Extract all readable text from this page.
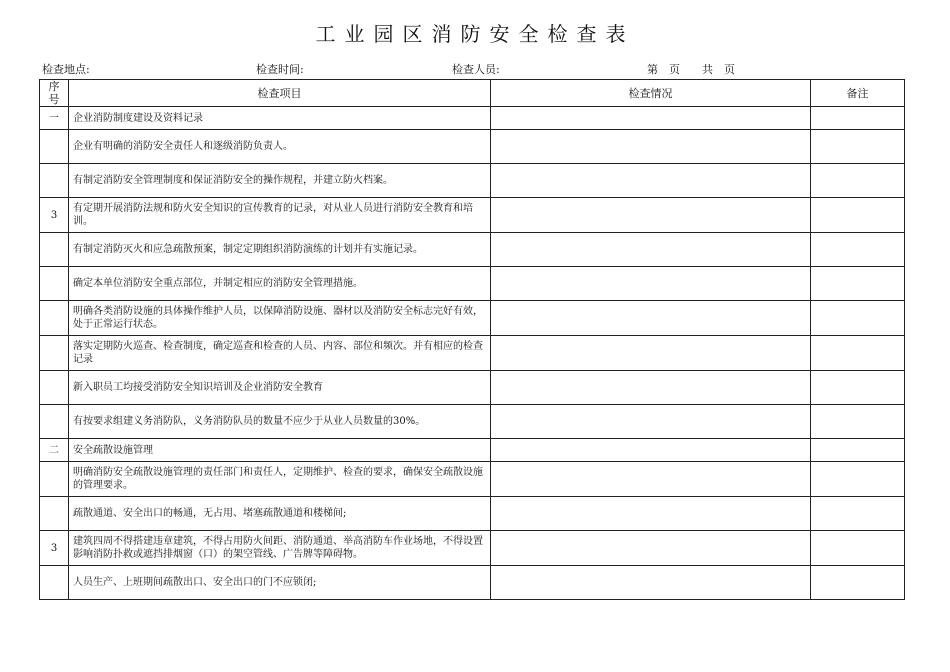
工业园区消防安全检查表
检查地点:	检查时间:	检查人员:	第　页　　共　页
序号	检查项目	检查情况	备注
一	企业消防制度建设及资料记录		
	企业有明确的消防安全责任人和逐级消防负责人。		
	有制定消防安全管理制度和保证消防安全的操作规程，并建立防火档案。		
3	有定期开展消防法规和防火安全知识的宣传教育的记录，对从业人员进行消防安全教育和培训。		
	有制定消防灭火和应急疏散预案，制定定期组织消防演练的计划并有实施记录。		
	确定本单位消防安全重点部位，并制定相应的消防安全管理措施。		
	明确各类消防设施的具体操作维护人员，以保障消防设施、器材以及消防安全标志完好有效，处于正常运行状态。		
	落实定期防火巡查、检查制度，确定巡查和检查的人员、内容、部位和频次。并有相应的检查记录		
	新入职员工均接受消防安全知识培训及企业消防安全教育		
	有按要求组建义务消防队，义务消防队员的数量不应少于从业人员数量的30%。		
二	安全疏散设施管理		
	明确消防安全疏散设施管理的责任部门和责任人，定期维护、检查的要求，确保安全疏散设施的管理要求。		
	疏散通道、安全出口的畅通，无占用、堵塞疏散通道和楼梯间;		
3	建筑四周不得搭建违章建筑，不得占用防火间距、消防通道、举高消防车作业场地，不得设置影响消防扑救或遮挡排烟窗（口）的架空管线、广告牌等障碍物。		
	人员生产、上班期间疏散出口、安全出口的门不应锁闭;		
